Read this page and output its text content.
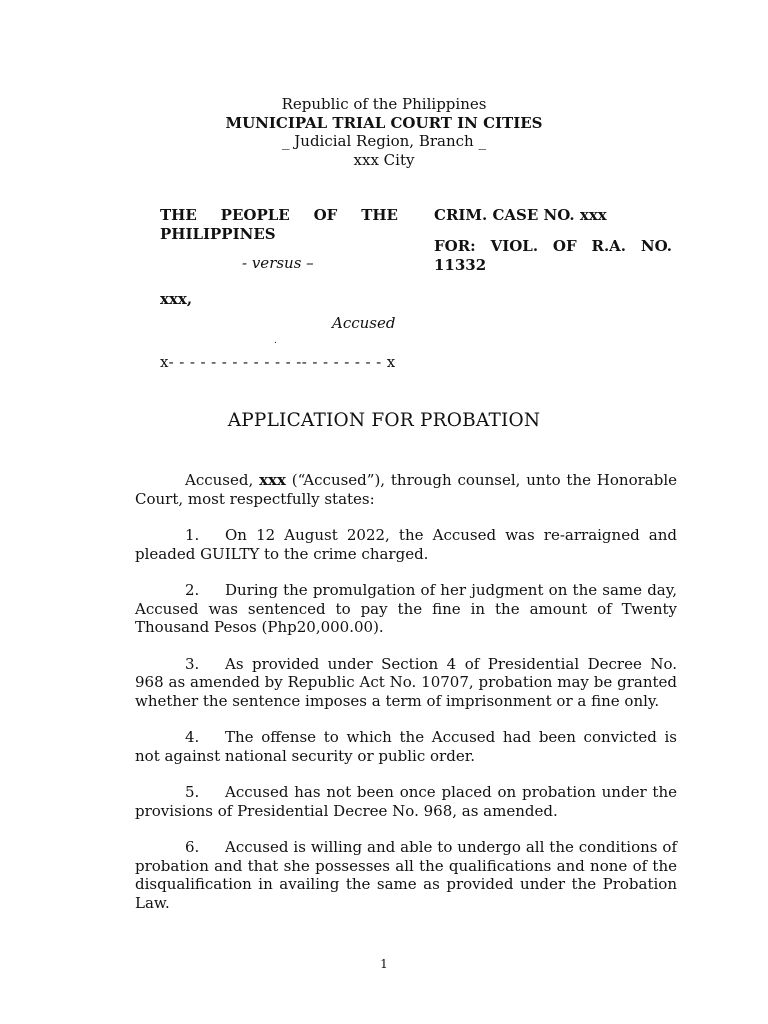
Republic of the Philippines
MUNICIPAL TRIAL COURT IN CITIES
_ Judicial Region, Branch _
xxx City
THE PEOPLE OF THE
PHILIPPINES
- versus –
xxx,
Accused
.
x- - - - - - - - - - - - -- - - - - - - - x
CRIM. CASE NO. xxx
FOR: VIOL. OF R.A. NO. 11332
APPLICATION FOR PROBATION

Accused, xxx (“Accused”), through counsel, unto the Honorable Court, most respectfully states:

1. On 12 August 2022, the Accused was re-arraigned and pleaded GUILTY to the crime charged.

2. During the promulgation of her judgment on the same day, Accused was sentenced to pay the fine in the amount of Twenty Thousand Pesos (Php20,000.00).

3. As provided under Section 4 of Presidential Decree No. 968 as amended by Republic Act No. 10707, probation may be granted whether the sentence imposes a term of imprisonment or a fine only.

4. The offense to which the Accused had been convicted is not against national security or public order.

5. Accused has not been once placed on probation under the provisions of Presidential Decree No. 968, as amended.

6. Accused is willing and able to undergo all the conditions of probation and that she possesses all the qualifications and none of the disqualification in availing the same as provided under the Probation Law.

1
